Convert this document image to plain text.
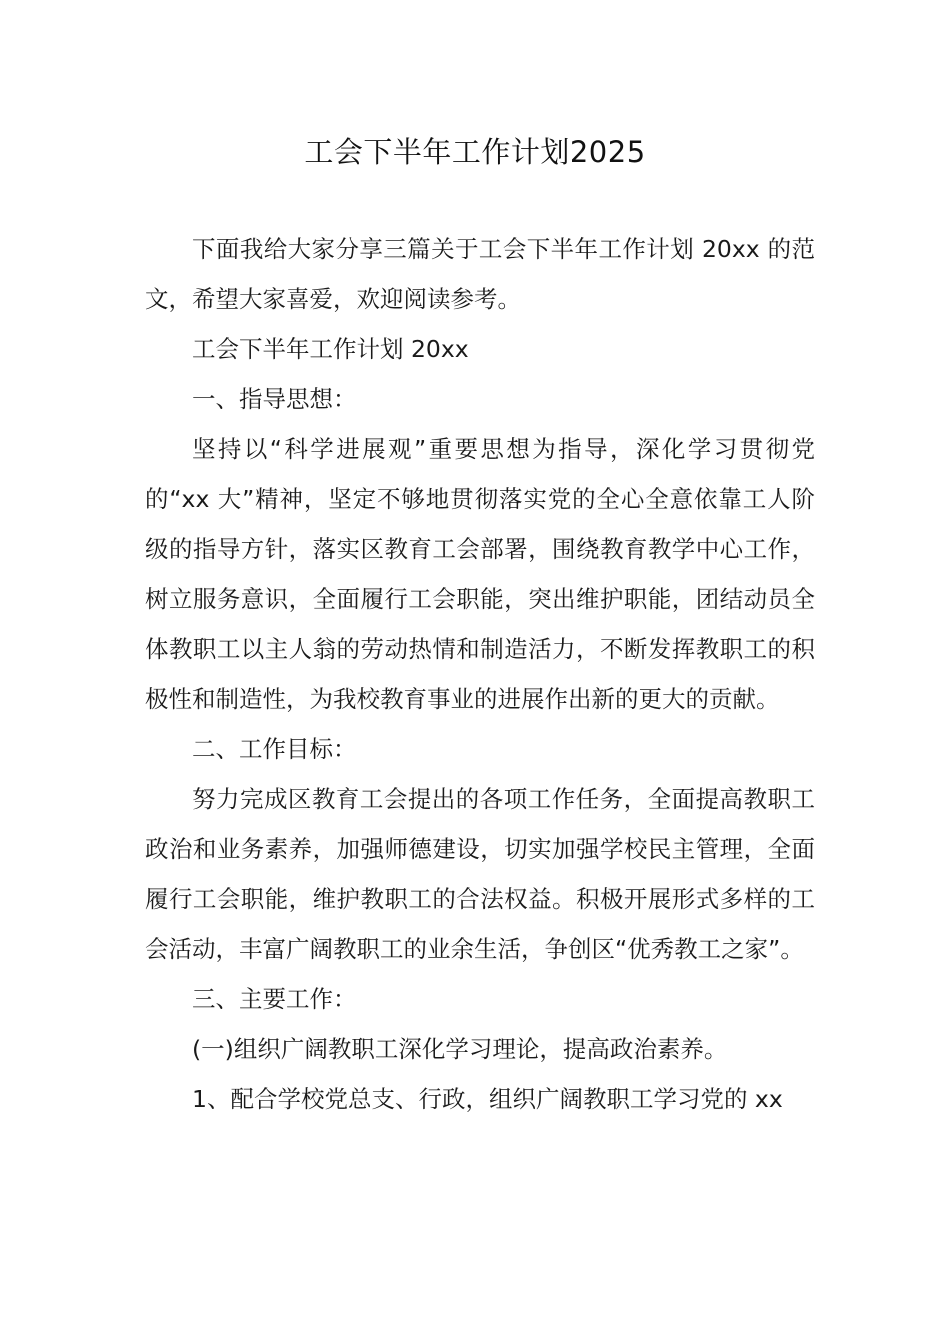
工会下半年工作计划2025

下面我给大家分享三篇关于工会下半年工作计划 20xx 的范文，希望大家喜爱，欢迎阅读参考。

工会下半年工作计划 20xx

一、指导思想：

坚持以“科学进展观”重要思想为指导，深化学习贯彻党的“xx 大”精神，坚定不够地贯彻落实党的全心全意依靠工人阶级的指导方针，落实区教育工会部署，围绕教育教学中心工作，树立服务意识，全面履行工会职能，突出维护职能，团结动员全体教职工以主人翁的劳动热情和制造活力，不断发挥教职工的积极性和制造性，为我校教育事业的进展作出新的更大的贡献。

二、工作目标：

努力完成区教育工会提出的各项工作任务，全面提高教职工政治和业务素养，加强师德建设，切实加强学校民主管理，全面履行工会职能，维护教职工的合法权益。积极开展形式多样的工会活动，丰富广阔教职工的业余生活，争创区“优秀教工之家”。

三、主要工作：

(一)组织广阔教职工深化学习理论，提高政治素养。

1、配合学校党总支、行政，组织广阔教职工学习党的 xx
